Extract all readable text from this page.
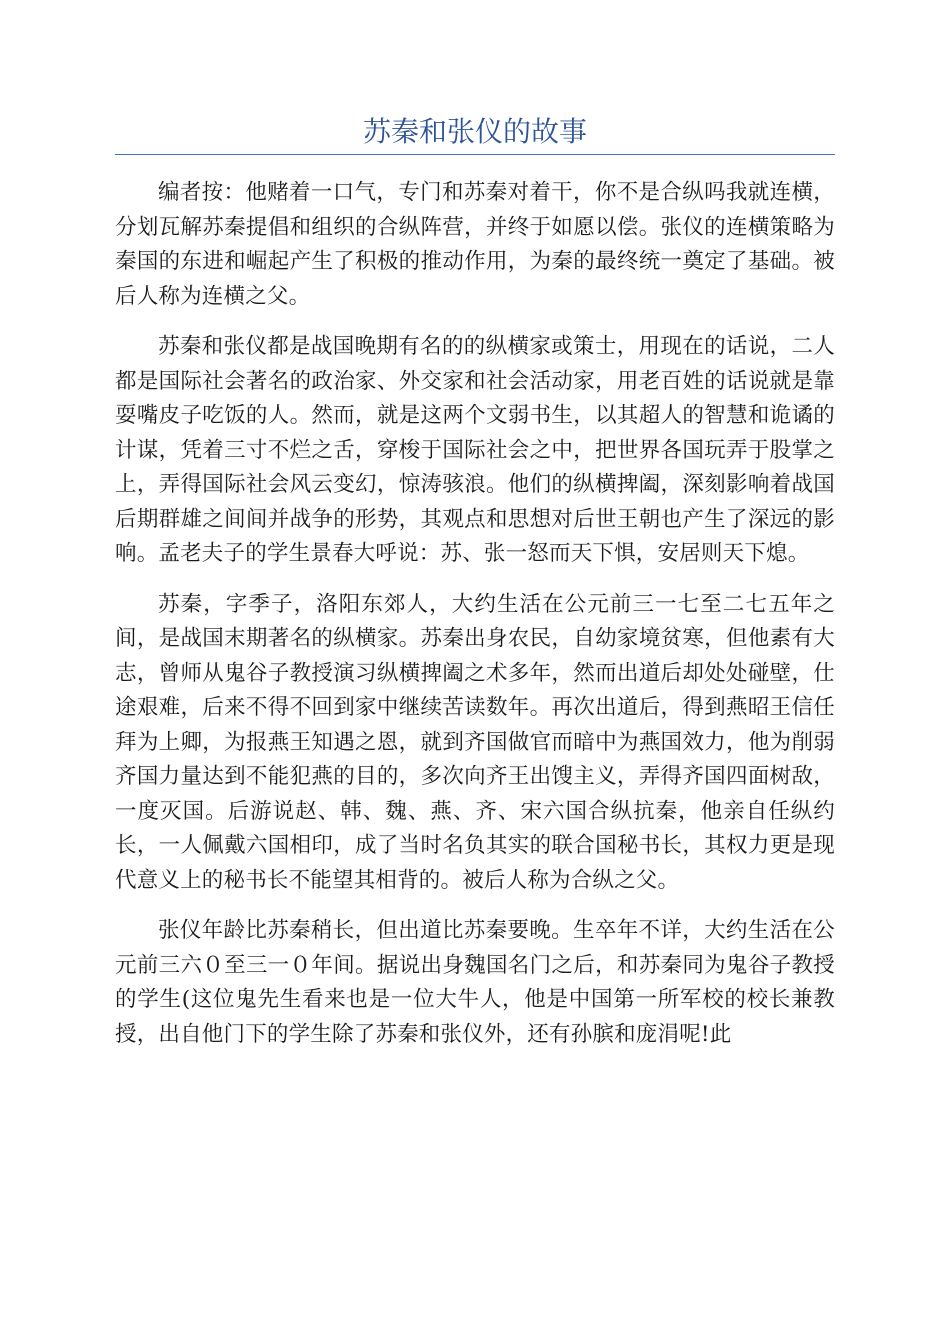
苏秦和张仪的故事

编者按：他赌着一口气，专门和苏秦对着干，你不是合纵吗我就连横，分划瓦解苏秦提倡和组织的合纵阵营，并终于如愿以偿。张仪的连横策略为秦国的东进和崛起产生了积极的推动作用，为秦的最终统一奠定了基础。被后人称为连横之父。

苏秦和张仪都是战国晚期有名的的纵横家或策士，用现在的话说，二人都是国际社会著名的政治家、外交家和社会活动家，用老百姓的话说就是靠耍嘴皮子吃饭的人。然而，就是这两个文弱书生，以其超人的智慧和诡谲的计谋，凭着三寸不烂之舌，穿梭于国际社会之中，把世界各国玩弄于股掌之上，弄得国际社会风云变幻，惊涛骇浪。他们的纵横捭阖，深刻影响着战国后期群雄之间间并战争的形势，其观点和思想对后世王朝也产生了深远的影响。孟老夫子的学生景春大呼说：苏、张一怒而天下惧，安居则天下熄。

苏秦，字季子，洛阳东郊人，大约生活在公元前三一七至二七五年之间，是战国末期著名的纵横家。苏秦出身农民，自幼家境贫寒，但他素有大志，曾师从鬼谷子教授演习纵横捭阖之术多年，然而出道后却处处碰壁，仕途艰难，后来不得不回到家中继续苦读数年。再次出道后，得到燕昭王信任拜为上卿，为报燕王知遇之恩，就到齐国做官而暗中为燕国效力，他为削弱齐国力量达到不能犯燕的目的，多次向齐王出馊主义，弄得齐国四面树敌，一度灭国。后游说赵、韩、魏、燕、齐、宋六国合纵抗秦，他亲自任纵约长，一人佩戴六国相印，成了当时名负其实的联合国秘书长，其权力更是现代意义上的秘书长不能望其相背的。被后人称为合纵之父。

张仪年龄比苏秦稍长，但出道比苏秦要晚。生卒年不详，大约生活在公元前三六０至三一０年间。据说出身魏国名门之后，和苏秦同为鬼谷子教授的学生(这位鬼先生看来也是一位大牛人，他是中国第一所军校的校长兼教授，出自他门下的学生除了苏秦和张仪外，还有孙膑和庞涓呢!此
